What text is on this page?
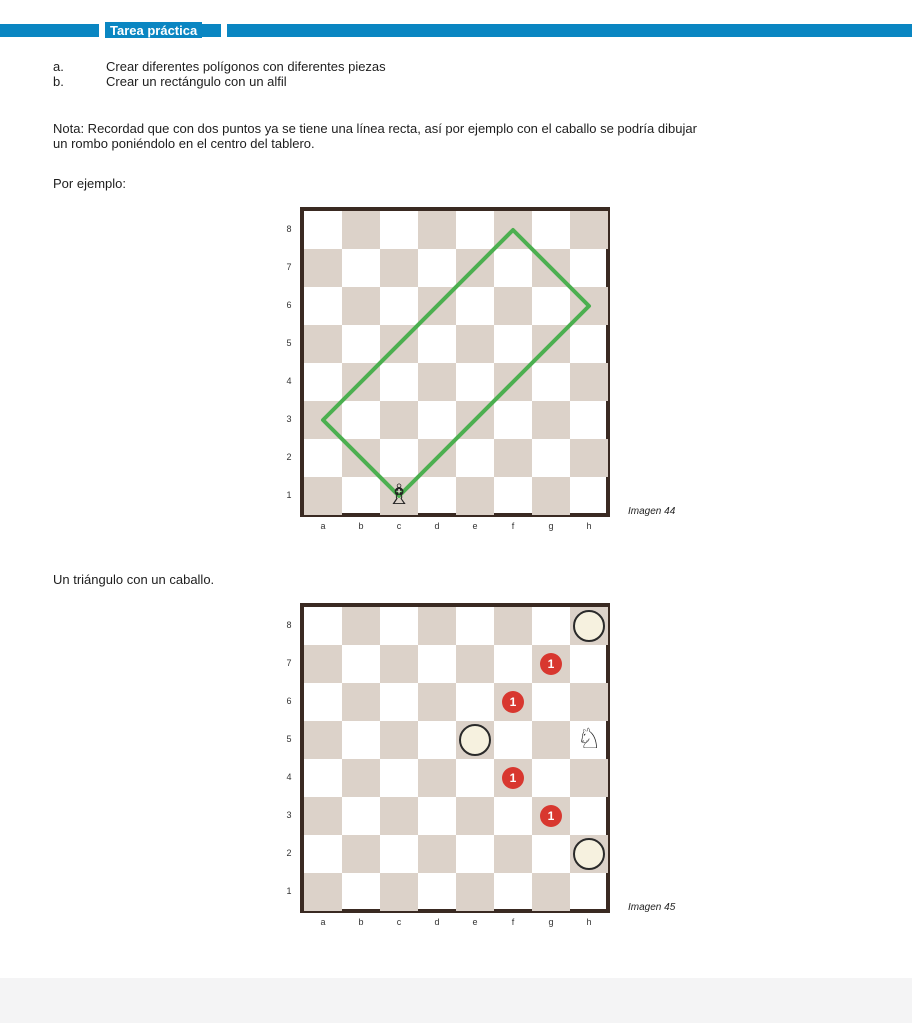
Tarea práctica
a.	Crear diferentes polígonos con diferentes piezas
b.	Crear un rectángulo con un alfil
Nota: Recordad que con dos puntos ya se tiene una línea recta, así por ejemplo con el caballo se podría dibujar
un rombo poniéndolo en el centro del tablero.
Por ejemplo:
Un triángulo con un caballo.
8
7
6
5
4
3
2
1
a	b	c	d	e	f	g	h
♗
Imagen 44
8
7
6
5
4
3
2
1
a	b	c	d	e	f	g	h
1
1
1
1
♘
Imagen 45
